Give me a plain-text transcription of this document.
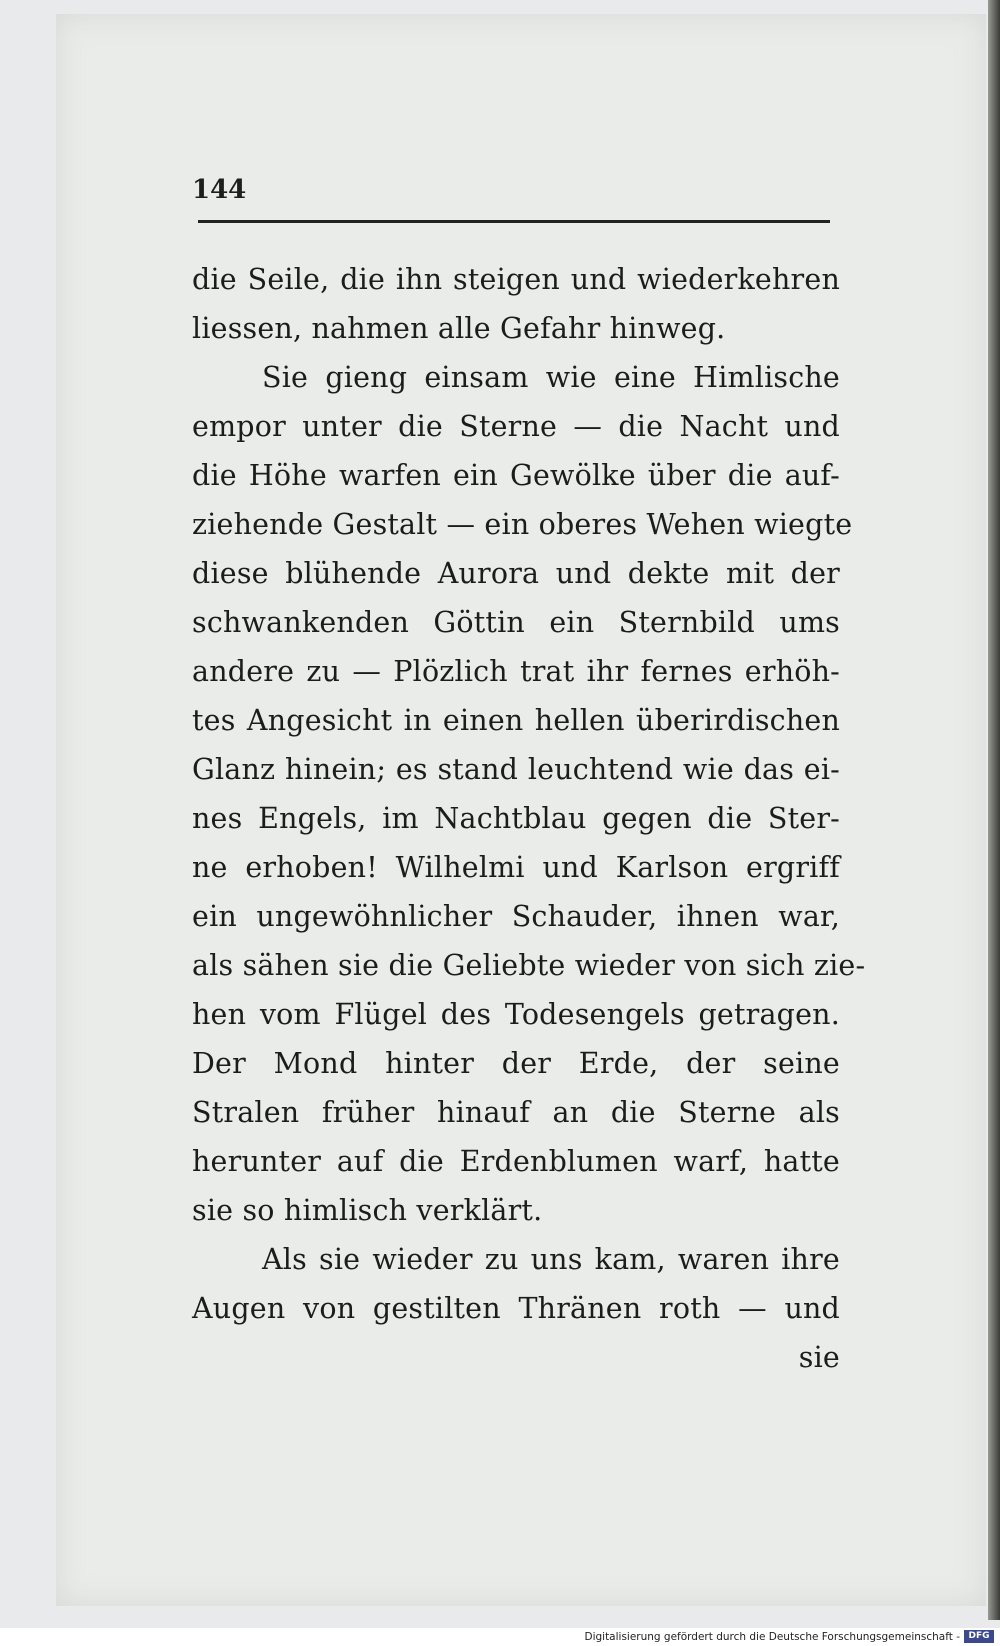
144
die Seile, die ihn steigen und wiederkehren
liessen, nahmen alle Gefahr hinweg.
Sie gieng einsam wie eine Himlische
empor unter die Sterne — die Nacht und
die Höhe warfen ein Gewölke über die auf-
ziehende Gestalt — ein oberes Wehen wiegte
diese blühende Aurora und dekte mit der
schwankenden Göttin ein Sternbild ums
andere zu — Plözlich trat ihr fernes erhöh-
tes Angesicht in einen hellen überirdischen
Glanz hinein; es stand leuchtend wie das ei-
nes Engels, im Nachtblau gegen die Ster-
ne erhoben! Wilhelmi und Karlson ergriff
ein ungewöhnlicher Schauder, ihnen war,
als sähen sie die Geliebte wieder von sich zie-
hen vom Flügel des Todesengels getragen.
Der Mond hinter der Erde, der seine
Stralen früher hinauf an die Sterne als
herunter auf die Erdenblumen warf, hatte
sie so himlisch verklärt.
Als sie wieder zu uns kam, waren ihre
Augen von gestilten Thränen roth — und
sie
Digitalisierung gefördert durch die Deutsche Forschungsgemeinschaft - DFG
